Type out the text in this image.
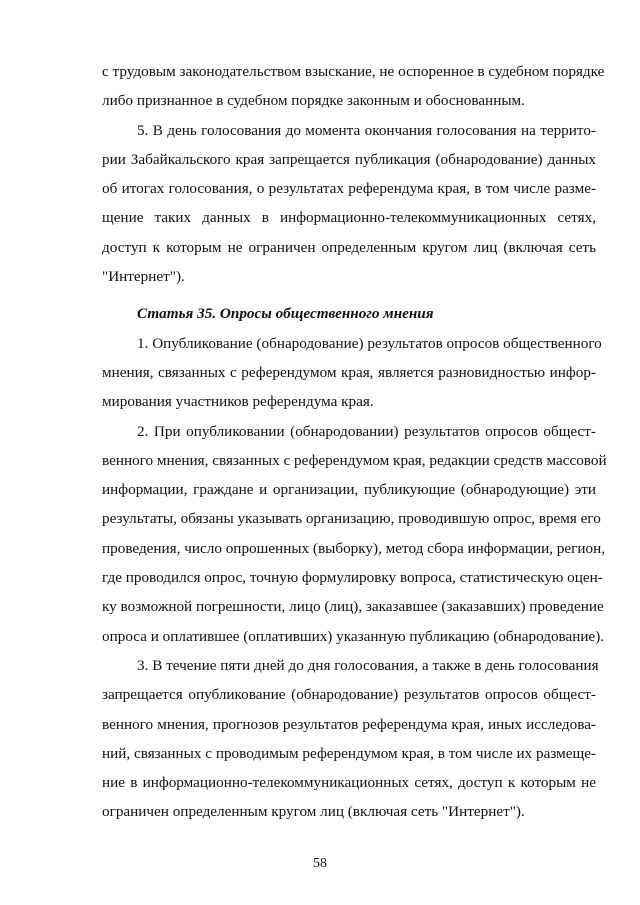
с трудовым законодательством взыскание, не оспоренное в судебном порядке
либо признанное в судебном порядке законным и обоснованным.

5. В день голосования до момента окончания голосования на террито-
рии Забайкальского края запрещается публикация (обнародование) данных
об итогах голосования, о результатах референдума края, в том числе разме-
щение таких данных в информационно-телекоммуникационных сетях,
доступ к которым не ограничен определенным кругом лиц (включая сеть
"Интернет").

Статья 35. Опросы общественного мнения

1. Опубликование (обнародование) результатов опросов общественного
мнения, связанных с референдумом края, является разновидностью инфор-
мирования участников референдума края.

2. При опубликовании (обнародовании) результатов опросов общест-
венного мнения, связанных с референдумом края, редакции средств массовой
информации, граждане и организации, публикующие (обнародующие) эти
результаты, обязаны указывать организацию, проводившую опрос, время его
проведения, число опрошенных (выборку), метод сбора информации, регион,
где проводился опрос, точную формулировку вопроса, статистическую оцен-
ку возможной погрешности, лицо (лиц), заказавшее (заказавших) проведение
опроса и оплатившее (оплативших) указанную публикацию (обнародование).

3. В течение пяти дней до дня голосования, а также в день голосования
запрещается опубликование (обнародование) результатов опросов общест-
венного мнения, прогнозов результатов референдума края, иных исследова-
ний, связанных с проводимым референдумом края, в том числе их размеще-
ние в информационно-телекоммуникационных сетях, доступ к которым не
ограничен определенным кругом лиц (включая сеть "Интернет").

58
